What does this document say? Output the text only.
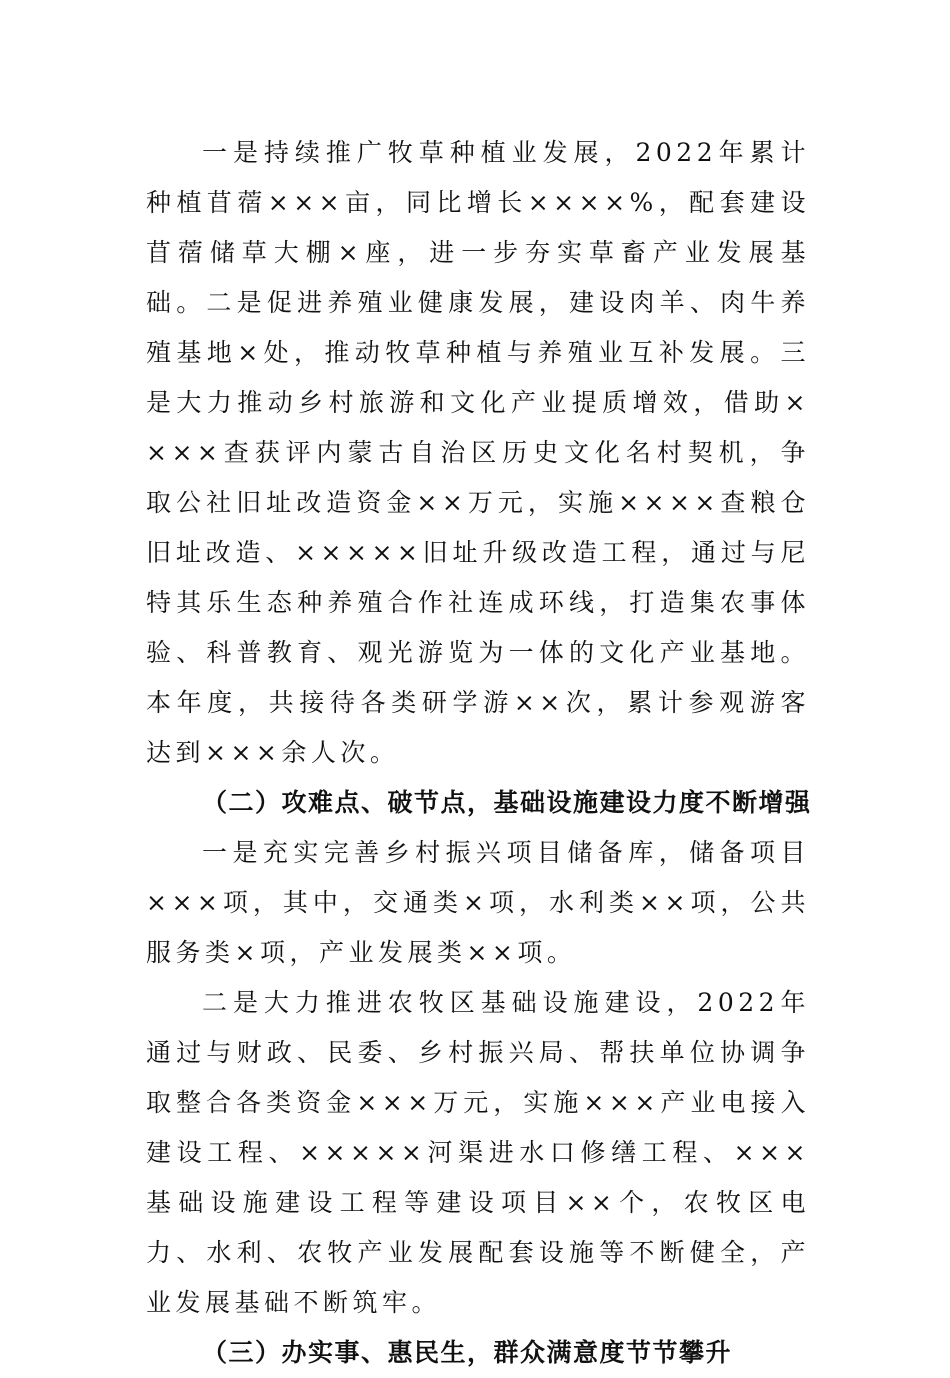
一是持续推广牧草种植业发展，2022年累计种植苜蓿×××亩，同比增长××××%，配套建设苜蓿储草大棚×座，进一步夯实草畜产业发展基础。二是促进养殖业健康发展，建设肉羊、肉牛养殖基地×处，推动牧草种植与养殖业互补发展。三是大力推动乡村旅游和文化产业提质增效，借助××××查获评内蒙古自治区历史文化名村契机，争取公社旧址改造资金××万元，实施××××查粮仓旧址改造、×××××旧址升级改造工程，通过与尼特其乐生态种养殖合作社连成环线，打造集农事体验、科普教育、观光游览为一体的文化产业基地。本年度，共接待各类研学游××次，累计参观游客达到×××余人次。

（二）攻难点、破节点，基础设施建设力度不断增强

一是充实完善乡村振兴项目储备库，储备项目×××项，其中，交通类×项，水利类××项，公共服务类×项，产业发展类××项。

二是大力推进农牧区基础设施建设，2022年通过与财政、民委、乡村振兴局、帮扶单位协调争取整合各类资金×××万元，实施×××产业电接入建设工程、×××××河渠进水口修缮工程、×××基础设施建设工程等建设项目××个，农牧区电力、水利、农牧产业发展配套设施等不断健全，产业发展基础不断筑牢。

（三）办实事、惠民生，群众满意度节节攀升
